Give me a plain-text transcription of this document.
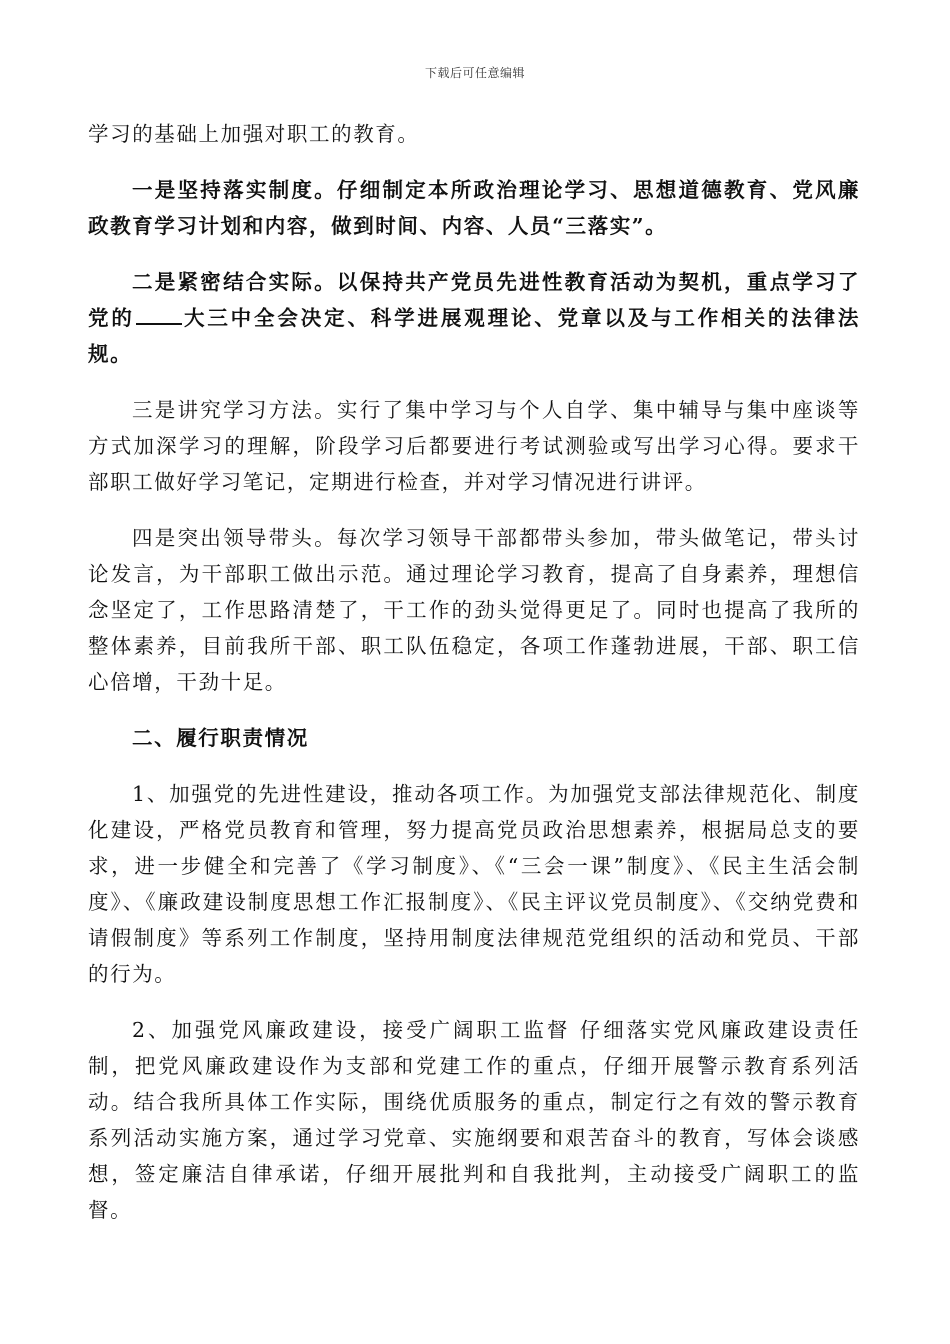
下载后可任意编辑

学习的基础上加强对职工的教育。

一是坚持落实制度。仔细制定本所政治理论学习、思想道德教育、党风廉政教育学习计划和内容，做到时间、内容、人员“三落实”。

二是紧密结合实际。以保持共产党员先进性教育活动为契机，重点学习了党的 大三中全会决定、科学进展观理论、党章以及与工作相关的法律法规。

三是讲究学习方法。实行了集中学习与个人自学、集中辅导与集中座谈等方式加深学习的理解，阶段学习后都要进行考试测验或写出学习心得。要求干部职工做好学习笔记，定期进行检查，并对学习情况进行讲评。

四是突出领导带头。每次学习领导干部都带头参加，带头做笔记，带头讨论发言，为干部职工做出示范。通过理论学习教育，提高了自身素养，理想信念坚定了，工作思路清楚了，干工作的劲头觉得更足了。同时也提高了我所的整体素养，目前我所干部、职工队伍稳定，各项工作蓬勃进展，干部、职工信心倍增，干劲十足。

二、履行职责情况

1、加强党的先进性建设，推动各项工作。为加强党支部法律规范化、制度化建设，严格党员教育和管理，努力提高党员政治思想素养，根据局总支的要求，进一步健全和完善了《学习制度》、《“三会一课”制度》、《民主生活会制度》、《廉政建设制度思想工作汇报制度》、《民主评议党员制度》、《交纳党费和请假制度》等系列工作制度，坚持用制度法律规范党组织的活动和党员、干部的行为。

2、加强党风廉政建设，接受广阔职工监督 仔细落实党风廉政建设责任制，把党风廉政建设作为支部和党建工作的重点，仔细开展警示教育系列活动。结合我所具体工作实际，围绕优质服务的重点，制定行之有效的警示教育系列活动实施方案，通过学习党章、实施纲要和艰苦奋斗的教育，写体会谈感想，签定廉洁自律承诺，仔细开展批判和自我批判，主动接受广阔职工的监督。
